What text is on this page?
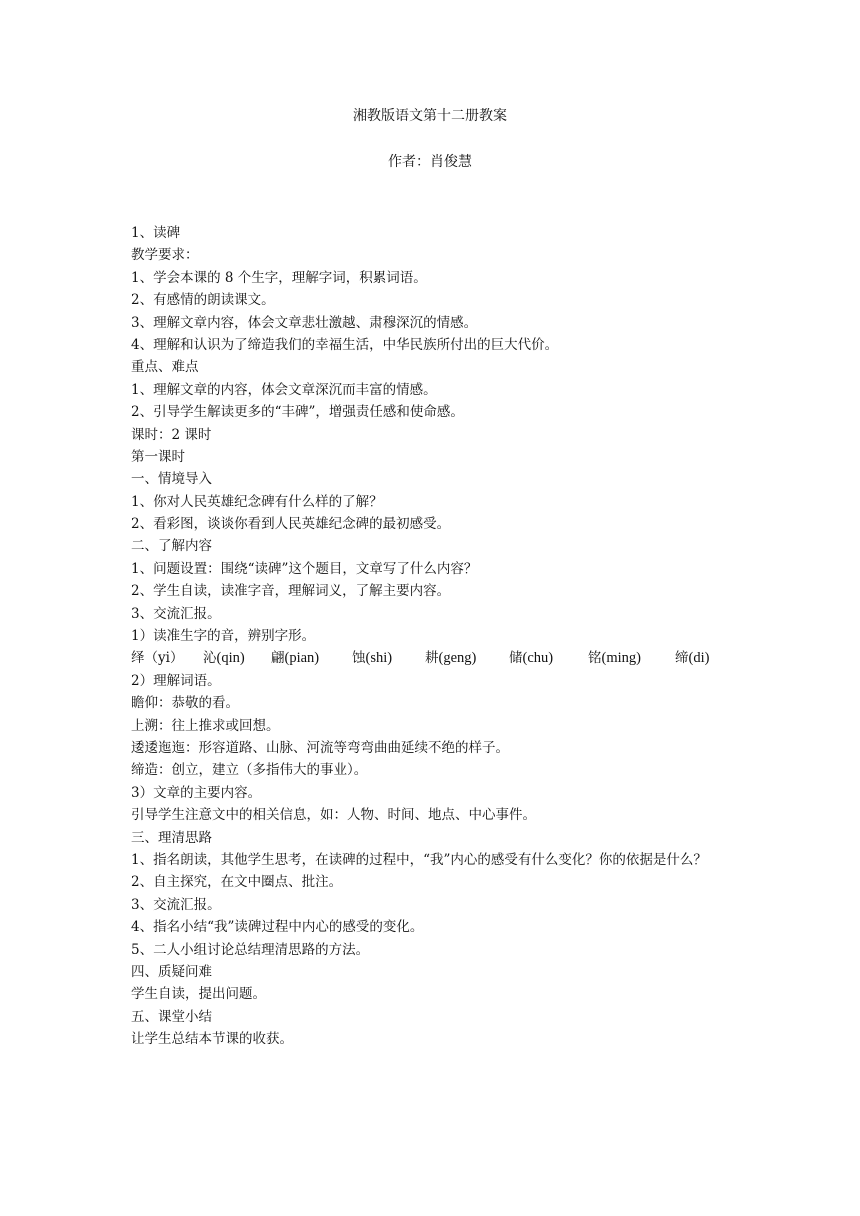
湘教版语文第十二册教案
作者：肖俊慧
1、读碑
教学要求：
1、学会本课的 8 个生字，理解字词，积累词语。
2、有感情的朗读课文。
3、理解文章内容，体会文章悲壮激越、肃穆深沉的情感。
4、理解和认识为了缔造我们的幸福生活，中华民族所付出的巨大代价。
重点、难点
1、理解文章的内容，体会文章深沉而丰富的情感。
2、引导学生解读更多的“丰碑”，增强责任感和使命感。
课时：2 课时
第一课时
一、情境导入
1、你对人民英雄纪念碑有什么样的了解？
2、看彩图，谈谈你看到人民英雄纪念碑的最初感受。
二、了解内容
1、问题设置：围绕“读碑”这个题目，文章写了什么内容？
2、学生自读，读准字音，理解词义，了解主要内容。
3、交流汇报。
1）读准生字的音，辨别字形。
绎（yi） 沁(qin) 翩(pian) 蚀(shi) 耕(geng) 储(chu)	铭(ming)	缔(di)
2）理解词语。
瞻仰：恭敬的看。
上溯：往上推求或回想。
逶逶迤迤：形容道路、山脉、河流等弯弯曲曲延续不绝的样子。
缔造：创立，建立（多指伟大的事业）。
3）文章的主要内容。
引导学生注意文中的相关信息，如：人物、时间、地点、中心事件。
三、理清思路
1、指名朗读，其他学生思考，在读碑的过程中，“我”内心的感受有什么变化？你的依据是什么？
2、自主探究，在文中圈点、批注。
3、交流汇报。
4、指名小结“我”读碑过程中内心的感受的变化。
5、二人小组讨论总结理清思路的方法。
四、质疑问难
学生自读，提出问题。
五、课堂小结
让学生总结本节课的收获。
